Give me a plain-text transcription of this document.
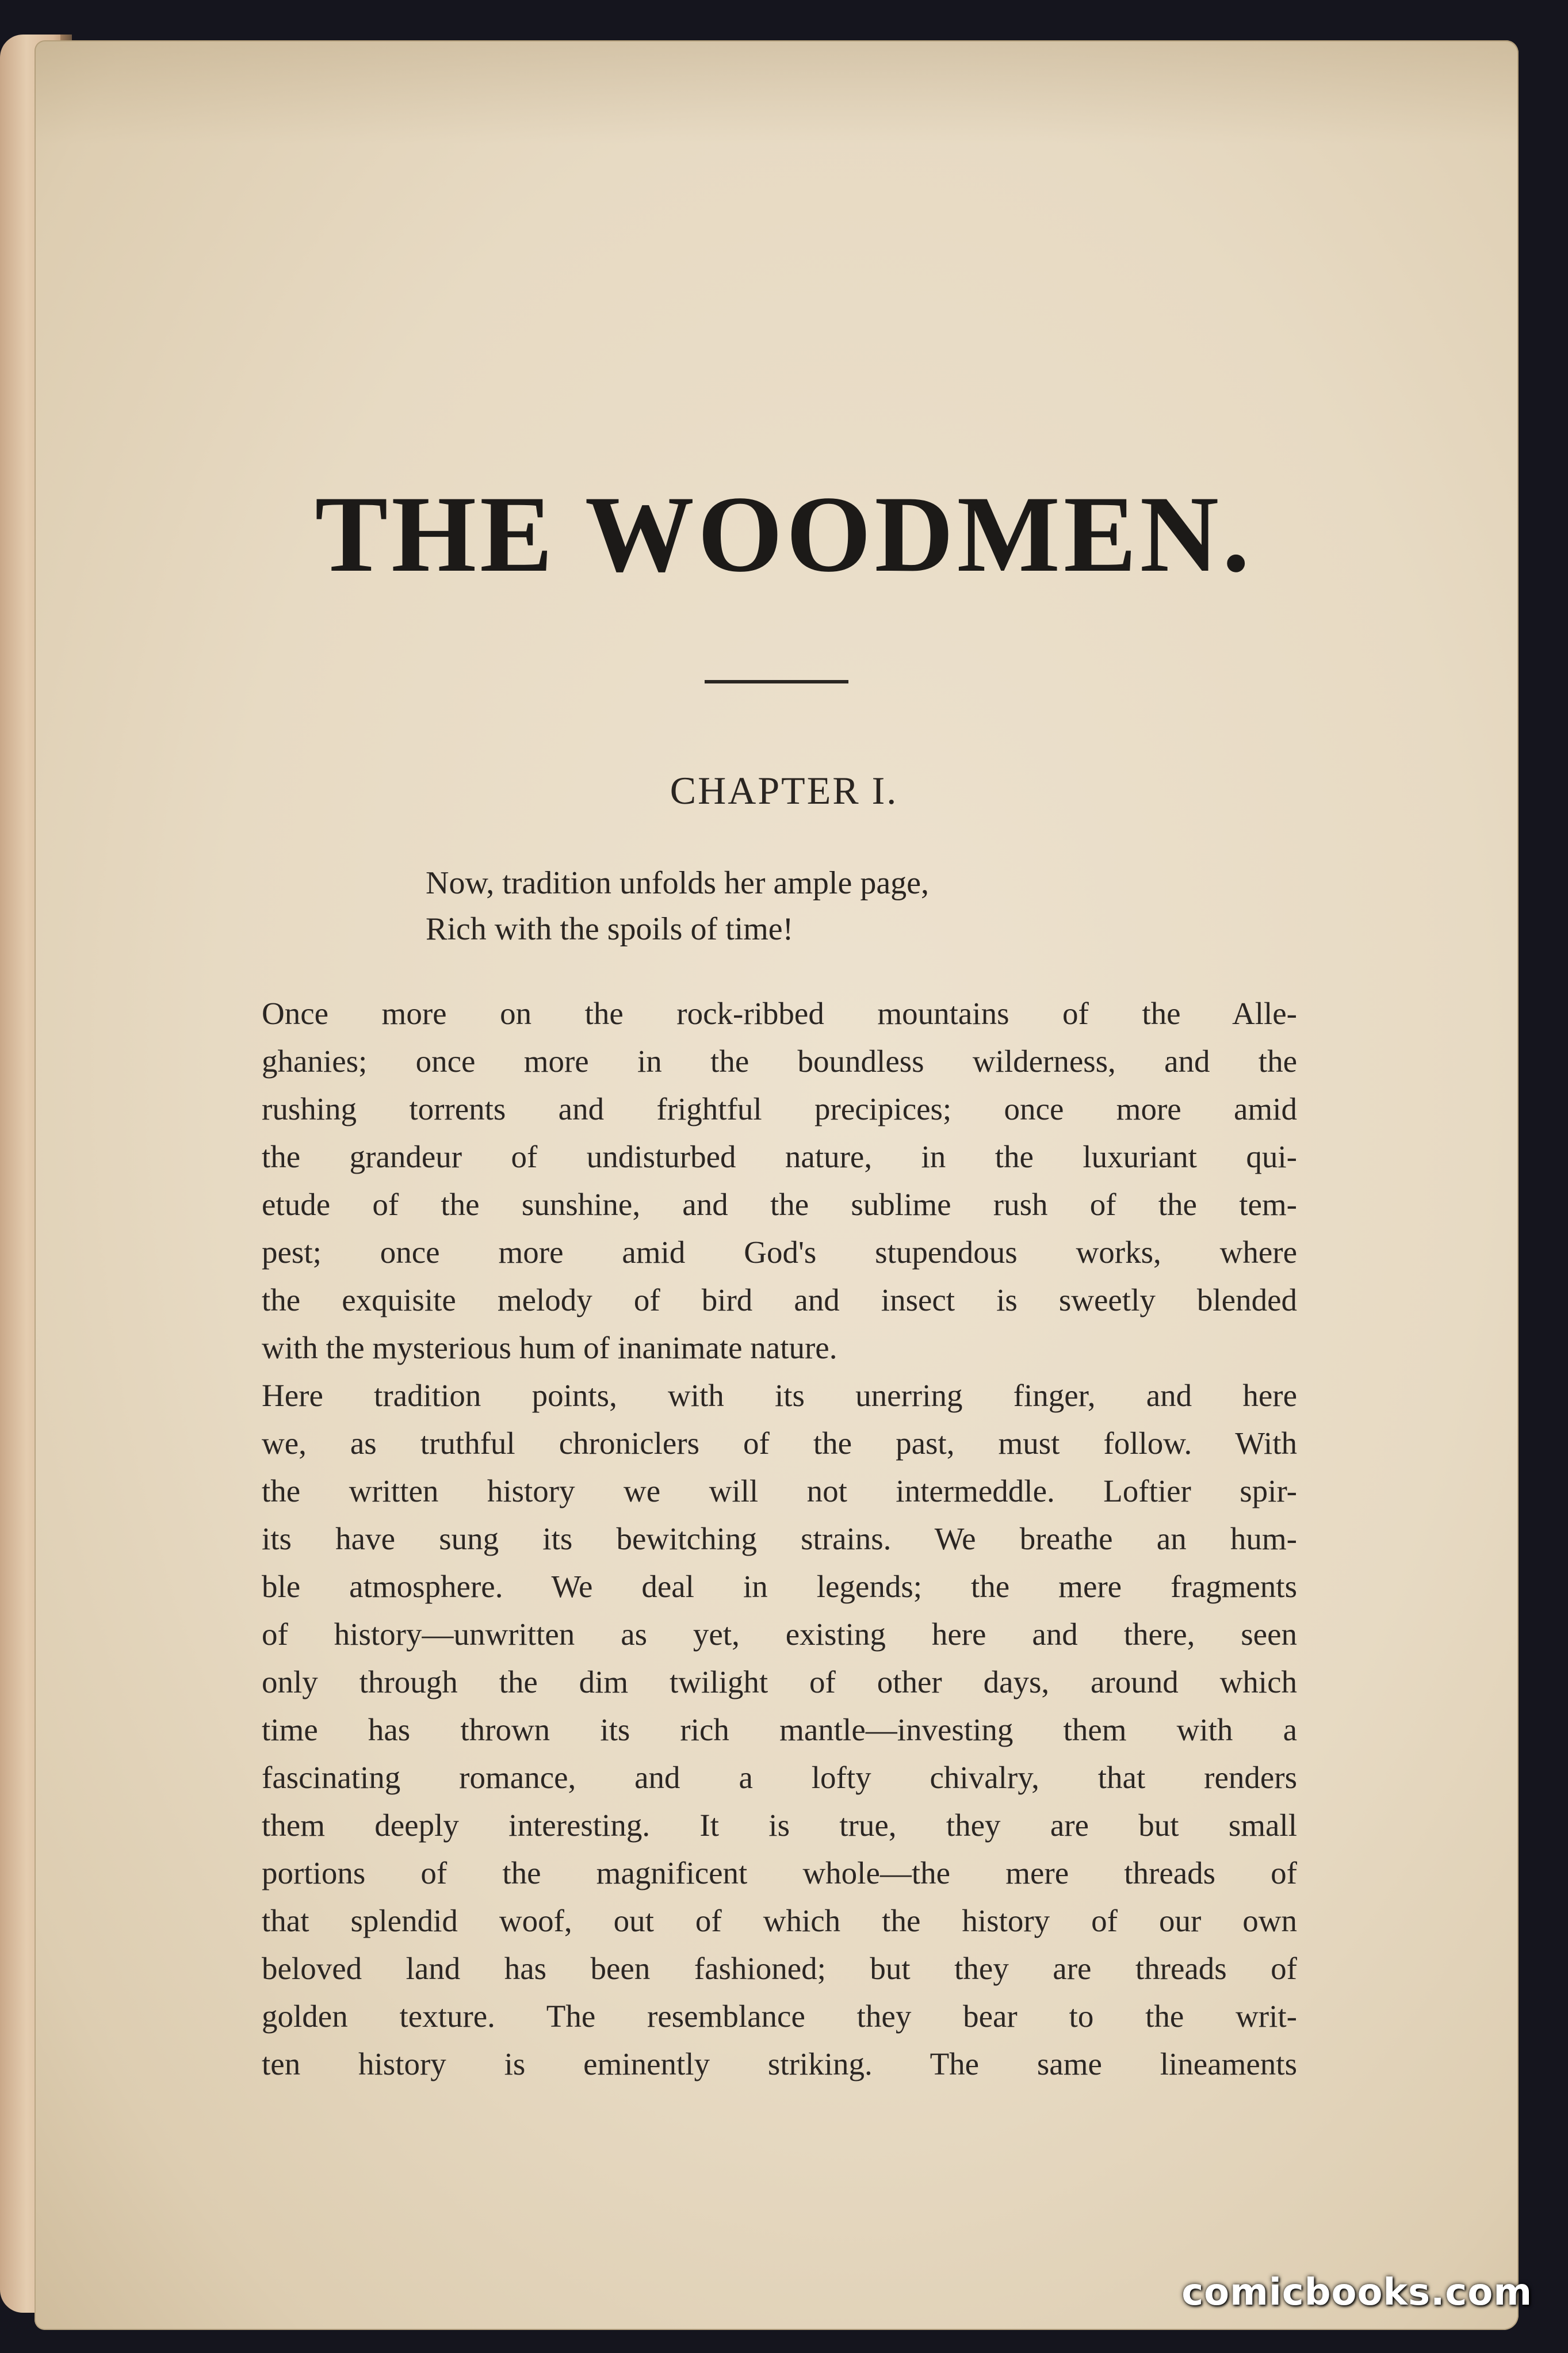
THE WOODMEN.
CHAPTER I.
Now, tradition unfolds her ample page,
Rich with the spoils of time!
Once more on the rock-ribbed mountains of the Alle-
ghanies; once more in the boundless wilderness, and the
rushing torrents and frightful precipices; once more amid
the grandeur of undisturbed nature, in the luxuriant qui-
etude of the sunshine, and the sublime rush of the tem-
pest; once more amid God's stupendous works, where
the exquisite melody of bird and insect is sweetly blended
with the mysterious hum of inanimate nature.
Here tradition points, with its unerring finger, and here
we, as truthful chroniclers of the past, must follow. With
the written history we will not intermeddle. Loftier spir-
its have sung its bewitching strains. We breathe an hum-
ble atmosphere. We deal in legends; the mere fragments
of history—unwritten as yet, existing here and there, seen
only through the dim twilight of other days, around which
time has thrown its rich mantle—investing them with a
fascinating romance, and a lofty chivalry, that renders
them deeply interesting. It is true, they are but small
portions of the magnificent whole—the mere threads of
that splendid woof, out of which the history of our own
beloved land has been fashioned; but they are threads of
golden texture. The resemblance they bear to the writ-
ten history is eminently striking. The same lineaments
comicbooks.com
